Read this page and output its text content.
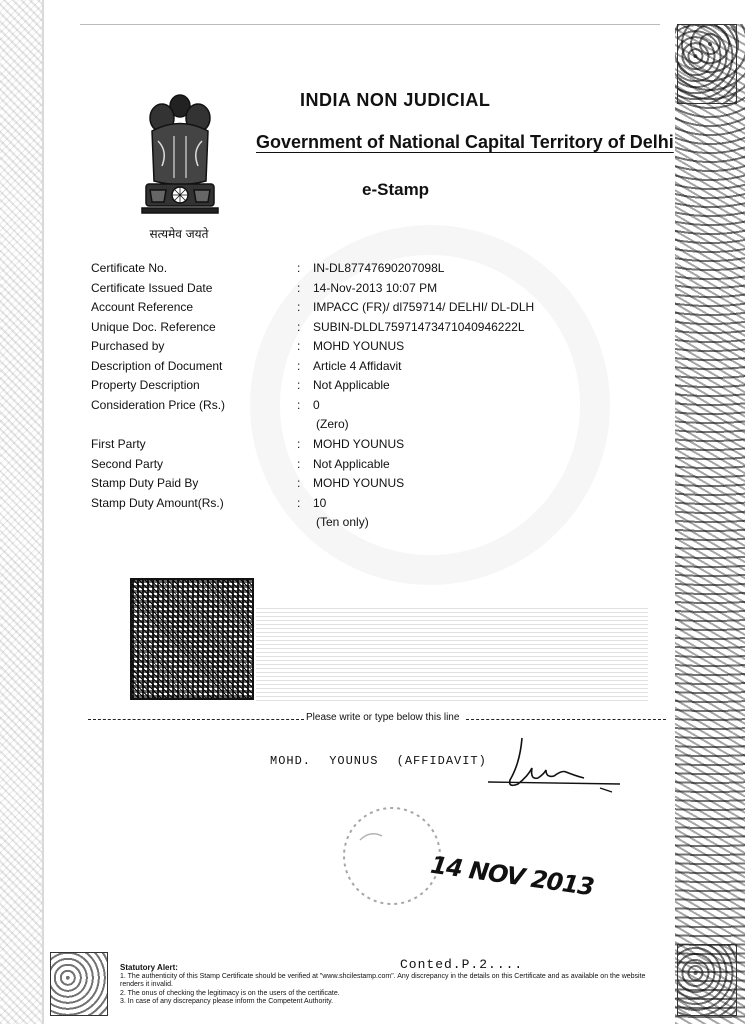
सत्यमेव जयते
INDIA NON JUDICIAL
Government of National Capital Territory of Delhi
e-Stamp
Certificate No.	: IN-DL87747690207098L
Certificate Issued Date	: 14-Nov-2013 10:07 PM
Account Reference	: IMPACC (FR)/ dl759714/ DELHI/ DL-DLH
Unique Doc. Reference	: SUBIN-DLDL75971473471040946222L
Purchased by	: MOHD YOUNUS
Description of Document	: Article 4 Affidavit
Property Description	: Not Applicable
Consideration Price (Rs.)	: 0
(Zero)
First Party	: MOHD YOUNUS
Second Party	: Not Applicable
Stamp Duty Paid By	: MOHD YOUNUS
Stamp Duty Amount(Rs.)	: 10
(Ten only)
Please write or type below this line
MOHD. YOUNUS (AFFIDAVIT)
14 NOV 2013
Conted.P.2....

Statutory Alert:

1. The authenticity of this Stamp Certificate should be verified at "www.shcilestamp.com". Any discrepancy in the details on this Certificate and as available on the website renders it invalid.

2. The onus of checking the legitimacy is on the users of the certificate.

3. In case of any discrepancy please inform the Competent Authority.
